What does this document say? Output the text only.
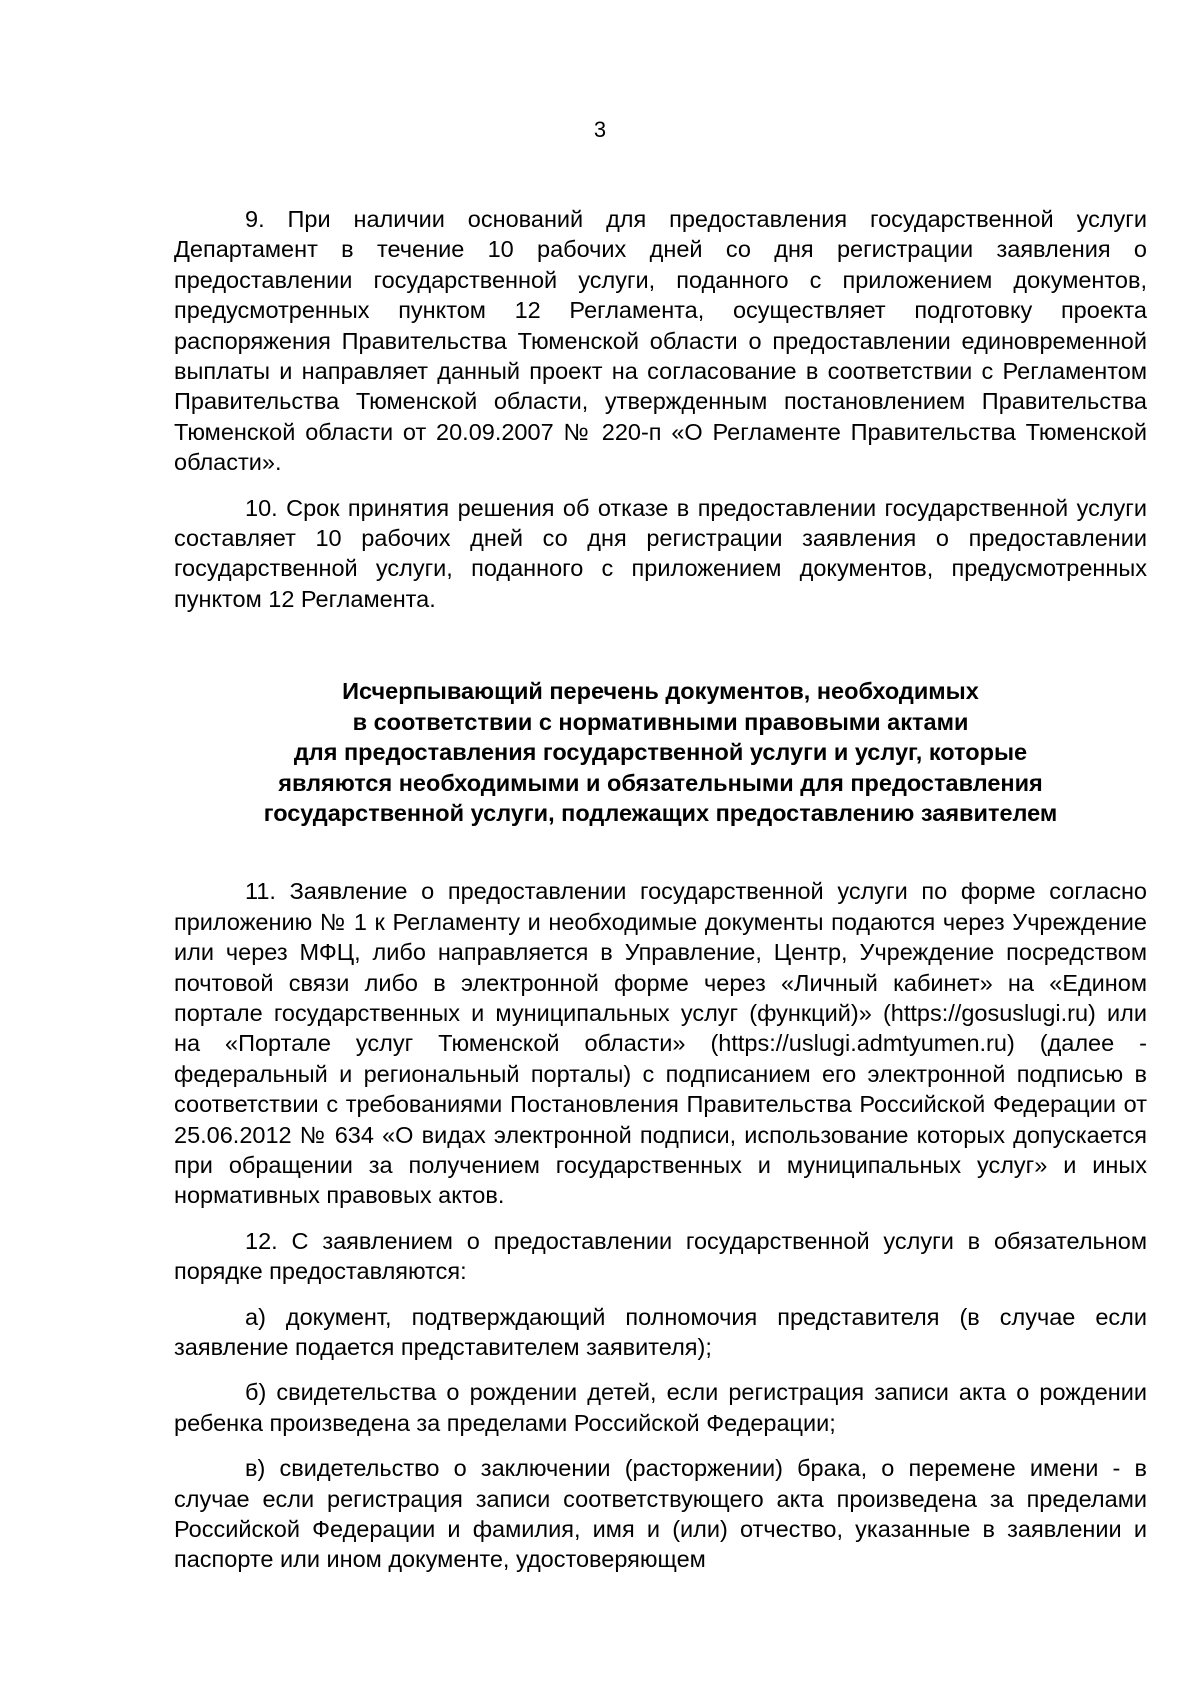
3

9. При наличии оснований для предоставления государственной услуги Департамент в течение 10 рабочих дней со дня регистрации заявления о предоставлении государственной услуги, поданного с приложением документов, предусмотренных пунктом 12 Регламента, осуществляет подготовку проекта распоряжения Правительства Тюменской области о предоставлении единовременной выплаты и направляет данный проект на согласование в соответствии с Регламентом Правительства Тюменской области, утвержденным постановлением Правительства Тюменской области от 20.09.2007 № 220-п «О Регламенте Правительства Тюменской области».

10. Срок принятия решения об отказе в предоставлении государственной услуги составляет 10 рабочих дней со дня регистрации заявления о предоставлении государственной услуги, поданного с приложением документов, предусмотренных пунктом 12 Регламента.

Исчерпывающий перечень документов, необходимых
в соответствии с нормативными правовыми актами
для предоставления государственной услуги и услуг, которые
являются необходимыми и обязательными для предоставления
государственной услуги, подлежащих предоставлению заявителем

11. Заявление о предоставлении государственной услуги по форме согласно приложению № 1 к Регламенту и необходимые документы подаются через Учреждение или через МФЦ, либо направляется в Управление, Центр, Учреждение посредством почтовой связи либо в электронной форме через «Личный кабинет» на «Едином портале государственных и муниципальных услуг (функций)» (https://gosuslugi.ru) или на «Портале услуг Тюменской области» (https://uslugi.admtyumen.ru) (далее - федеральный и региональный порталы) с подписанием его электронной подписью в соответствии с требованиями Постановления Правительства Российской Федерации от 25.06.2012 № 634 «О видах электронной подписи, использование которых допускается при обращении за получением государственных и муниципальных услуг» и иных нормативных правовых актов.

12. С заявлением о предоставлении государственной услуги в обязательном порядке предоставляются:

а) документ, подтверждающий полномочия представителя (в случае если заявление подается представителем заявителя);

б) свидетельства о рождении детей, если регистрация записи акта о рождении ребенка произведена за пределами Российской Федерации;

в) свидетельство о заключении (расторжении) брака, о перемене имени - в случае если регистрация записи соответствующего акта произведена за пределами Российской Федерации и фамилия, имя и (или) отчество, указанные в заявлении и паспорте или ином документе, удостоверяющем
